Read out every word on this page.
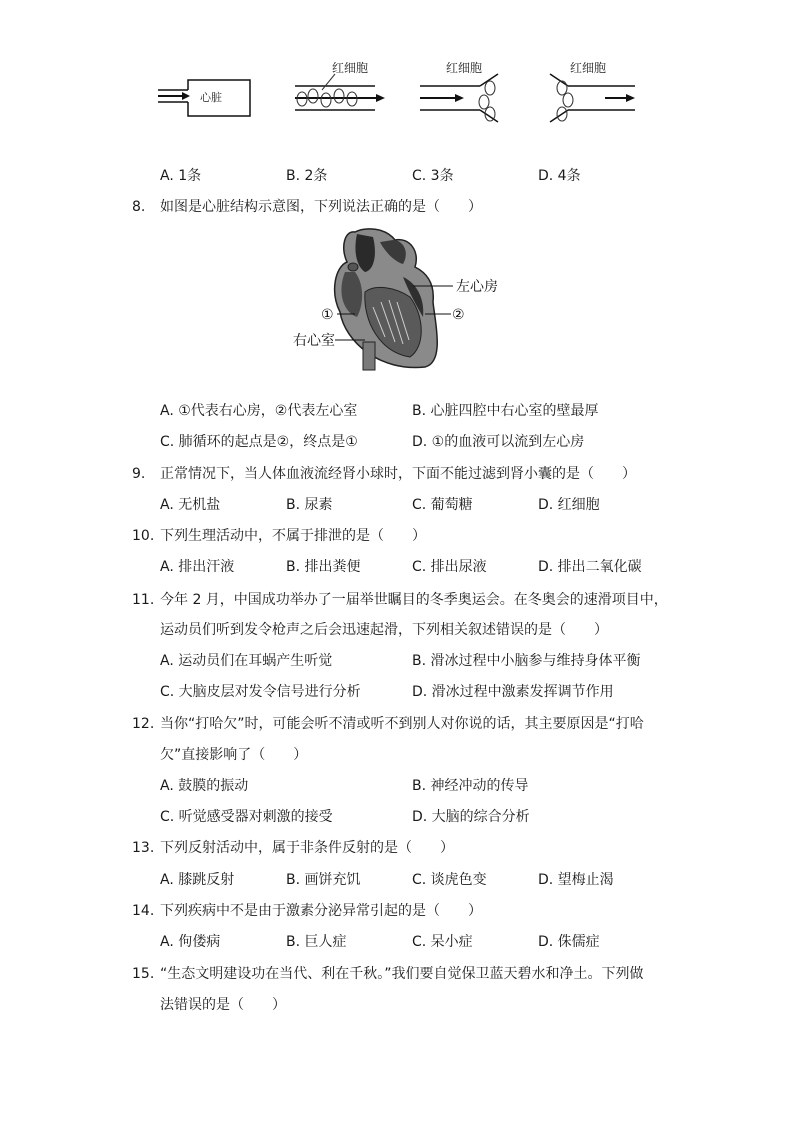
心脏
红细胞	红细胞	红细胞
A. 1条	B. 2条	C. 3条	D. 4条
8. 如图是心脏结构示意图，下列说法正确的是（　　）
左心房
①	②
右心室
A. ①代表右心房，②代表左心室	B. 心脏四腔中右心室的壁最厚
C. 肺循环的起点是②，终点是①	D. ①的血液可以流到左心房
9. 正常情况下，当人体血液流经肾小球时，下面不能过滤到肾小囊的是（　　）
A. 无机盐	B. 尿素	C. 葡萄糖	D. 红细胞
10. 下列生理活动中，不属于排泄的是（　　）
A. 排出汗液	B. 排出粪便	C. 排出尿液	D. 排出二氧化碳
11. 今年 2 月，中国成功举办了一届举世瞩目的冬季奥运会。在冬奥会的速滑项目中，
运动员们听到发令枪声之后会迅速起滑，下列相关叙述错误的是（　　）
A. 运动员们在耳蜗产生听觉	B. 滑冰过程中小脑参与维持身体平衡
C. 大脑皮层对发令信号进行分析	D. 滑冰过程中激素发挥调节作用
12. 当你“打哈欠”时，可能会听不清或听不到别人对你说的话，其主要原因是“打哈
欠”直接影响了（　　）
A. 鼓膜的振动	B. 神经冲动的传导
C. 听觉感受器对刺激的接受	D. 大脑的综合分析
13. 下列反射活动中，属于非条件反射的是（　　）
A. 膝跳反射	B. 画饼充饥	C. 谈虎色变	D. 望梅止渴
14. 下列疾病中不是由于激素分泌异常引起的是（　　）
A. 佝偻病	B. 巨人症	C. 呆小症	D. 侏儒症
15. “生态文明建设功在当代、利在千秋。”我们要自觉保卫蓝天碧水和净土。下列做
法错误的是（　　）
